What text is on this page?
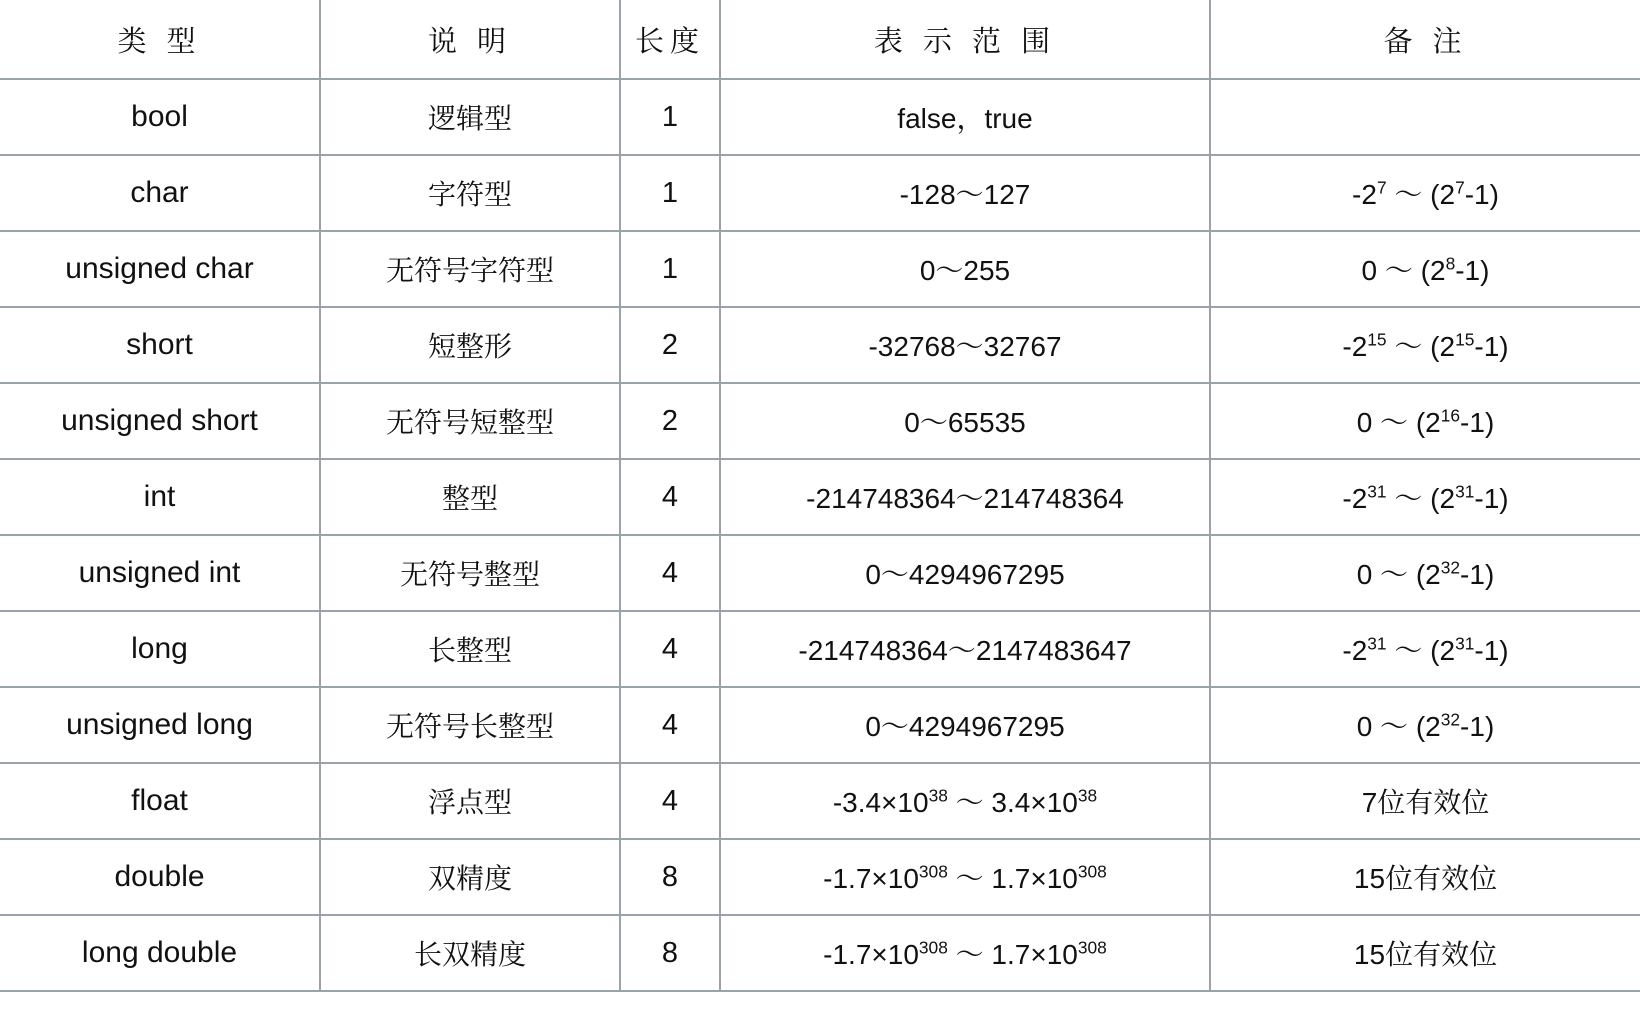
类 型	说 明	长度	表 示 范 围	备 注
bool	逻辑型	1	false，true	
char	字符型	1	-128～127	$-2^7$ ～ $(2^7-1)$
unsigned char	无符号字符型	1	0～255	0 ～ $(2^8-1)$
short	短整形	2	-32768～32767	$-2^{15}$ ～ $(2^{15}-1)$
unsigned short	无符号短整型	2	0～65535	0 ～ $(2^{16}-1)$
int	整型	4	-214748364～214748364	$-2^{31}$ ～ $(2^{31}-1)$
unsigned int	无符号整型	4	0～4294967295	0 ～ $(2^{32}-1)$
long	长整型	4	-214748364～2147483647	$-2^{31}$ ～ $(2^{31}-1)$
unsigned long	无符号长整型	4	0～4294967295	0 ～ $(2^{32}-1)$
float	浮点型	4	$-3.4\times 10^{38}$ ～ $3.4\times 10^{38}$	7位有效位
double	双精度	8	$-1.7\times 10^{308}$ ～ $1.7\times 10^{308}$	15位有效位
long double	长双精度	8	$-1.7\times 10^{308}$ ～ $1.7\times 10^{308}$	15位有效位
